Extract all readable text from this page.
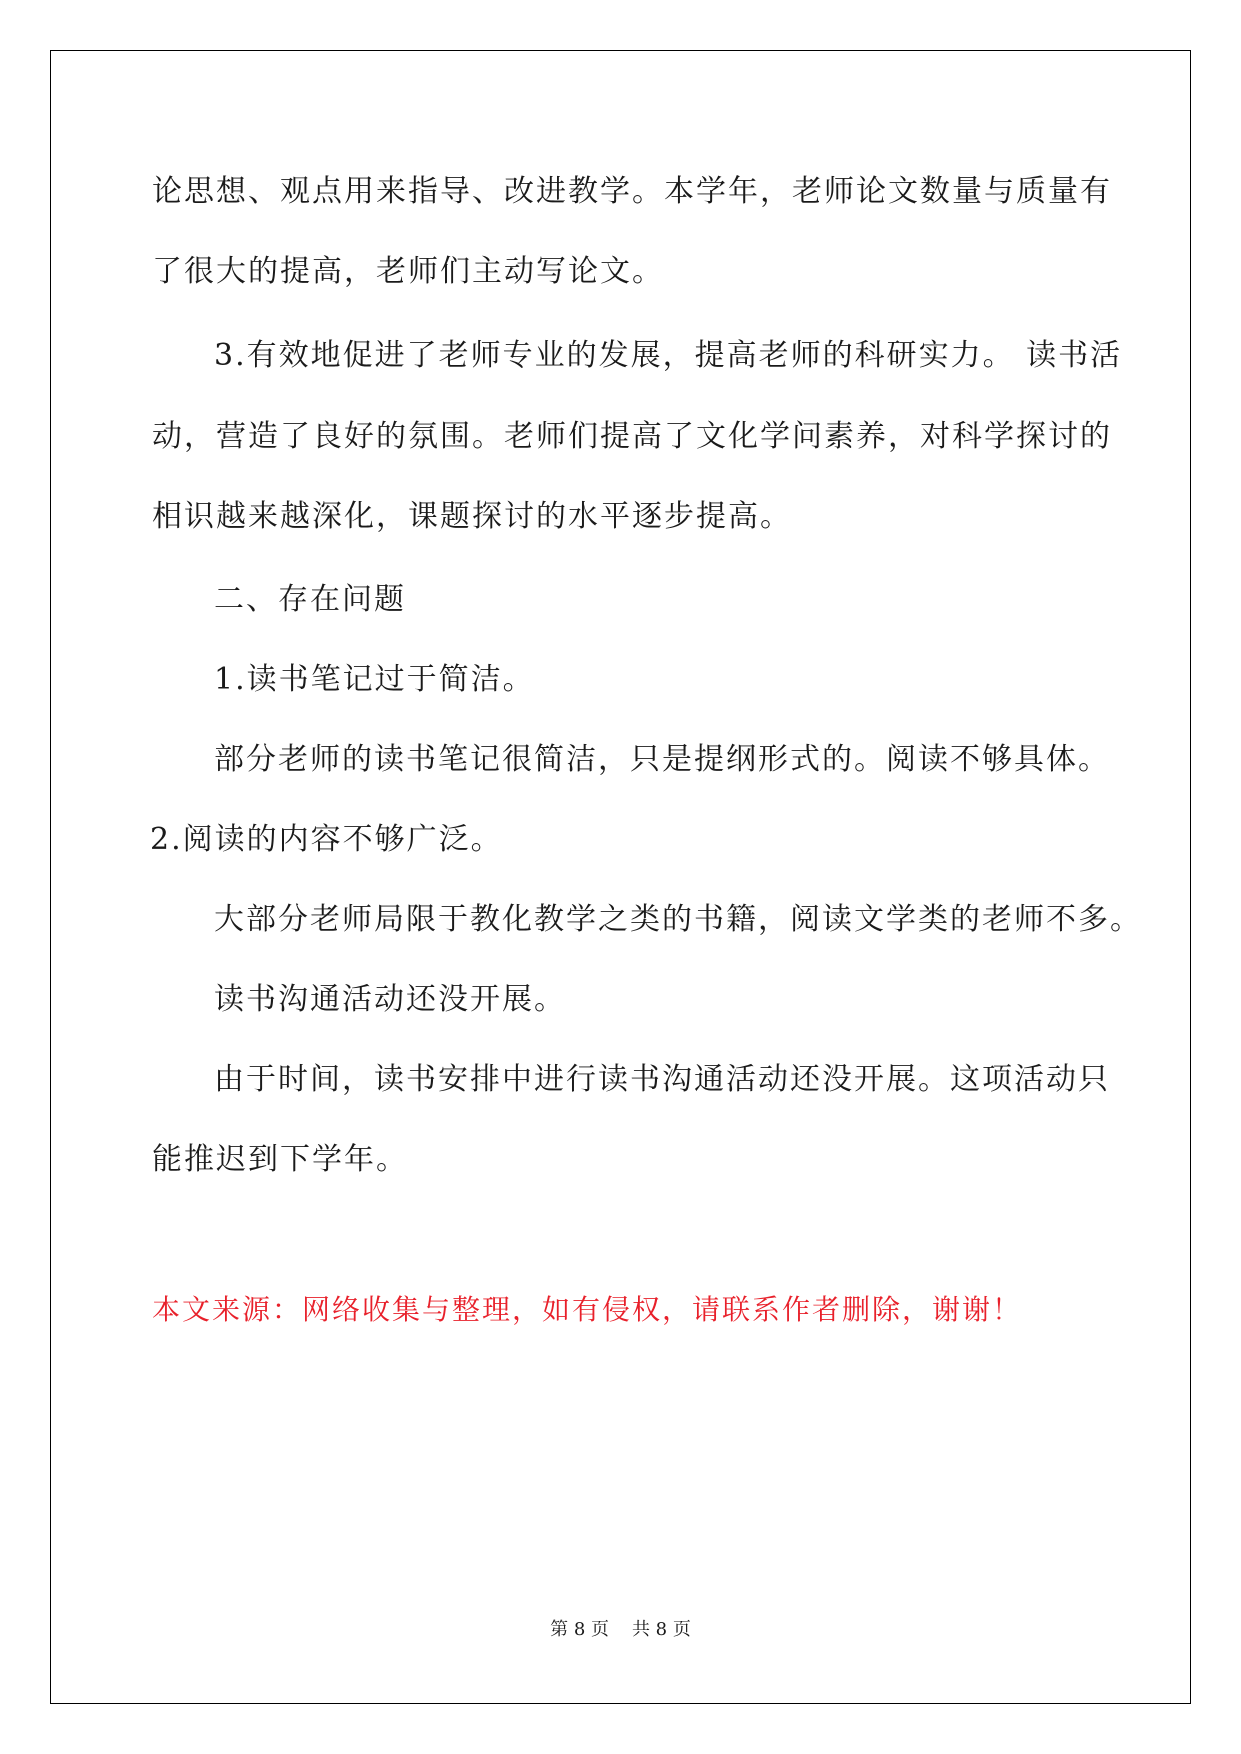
论思想、观点用来指导、改进教学。本学年，老师论文数量与质量有
了很大的提高，老师们主动写论文。
3.有效地促进了老师专业的发展，提高老师的科研实力。 读书活
动，营造了良好的氛围。老师们提高了文化学问素养，对科学探讨的
相识越来越深化，课题探讨的水平逐步提高。
二、存在问题
1.读书笔记过于简洁。
部分老师的读书笔记很简洁，只是提纲形式的。阅读不够具体。
2.阅读的内容不够广泛。
大部分老师局限于教化教学之类的书籍，阅读文学类的老师不多。
读书沟通活动还没开展。
由于时间，读书安排中进行读书沟通活动还没开展。这项活动只
能推迟到下学年。
本文来源：网络收集与整理，如有侵权，请联系作者删除，谢谢！
第 8 页    共 8 页
